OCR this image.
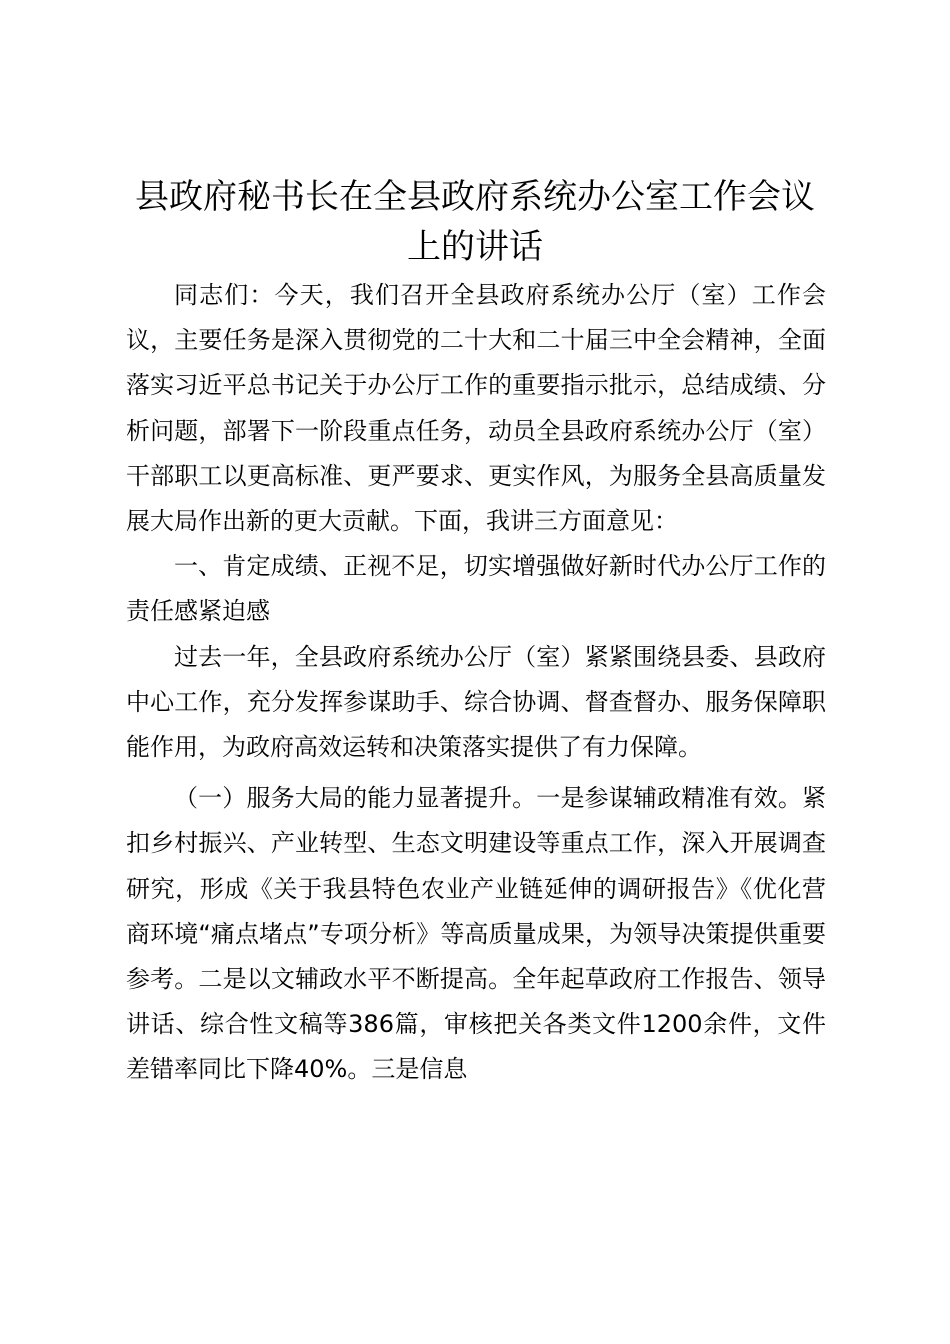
县政府秘书长在全县政府系统办公室工作会议
上的讲话

同志们：今天，我们召开全县政府系统办公厅（室）工作会议，主要任务是深入贯彻党的二十大和二十届三中全会精神，全面落实习近平总书记关于办公厅工作的重要指示批示，总结成绩、分析问题，部署下一阶段重点任务，动员全县政府系统办公厅（室）干部职工以更高标准、更严要求、更实作风，为服务全县高质量发展大局作出新的更大贡献。下面，我讲三方面意见：

一、肯定成绩、正视不足，切实增强做好新时代办公厅工作的责任感紧迫感

过去一年，全县政府系统办公厅（室）紧紧围绕县委、县政府中心工作，充分发挥参谋助手、综合协调、督查督办、服务保障职能作用，为政府高效运转和决策落实提供了有力保障。

（一）服务大局的能力显著提升。一是参谋辅政精准有效。紧扣乡村振兴、产业转型、生态文明建设等重点工作，深入开展调查研究，形成《关于我县特色农业产业链延伸的调研报告》《优化营商环境“痛点堵点”专项分析》等高质量成果，为领导决策提供重要参考。二是以文辅政水平不断提高。全年起草政府工作报告、领导讲话、综合性文稿等386篇，审核把关各类文件1200余件，文件差错率同比下降40%。三是信息
